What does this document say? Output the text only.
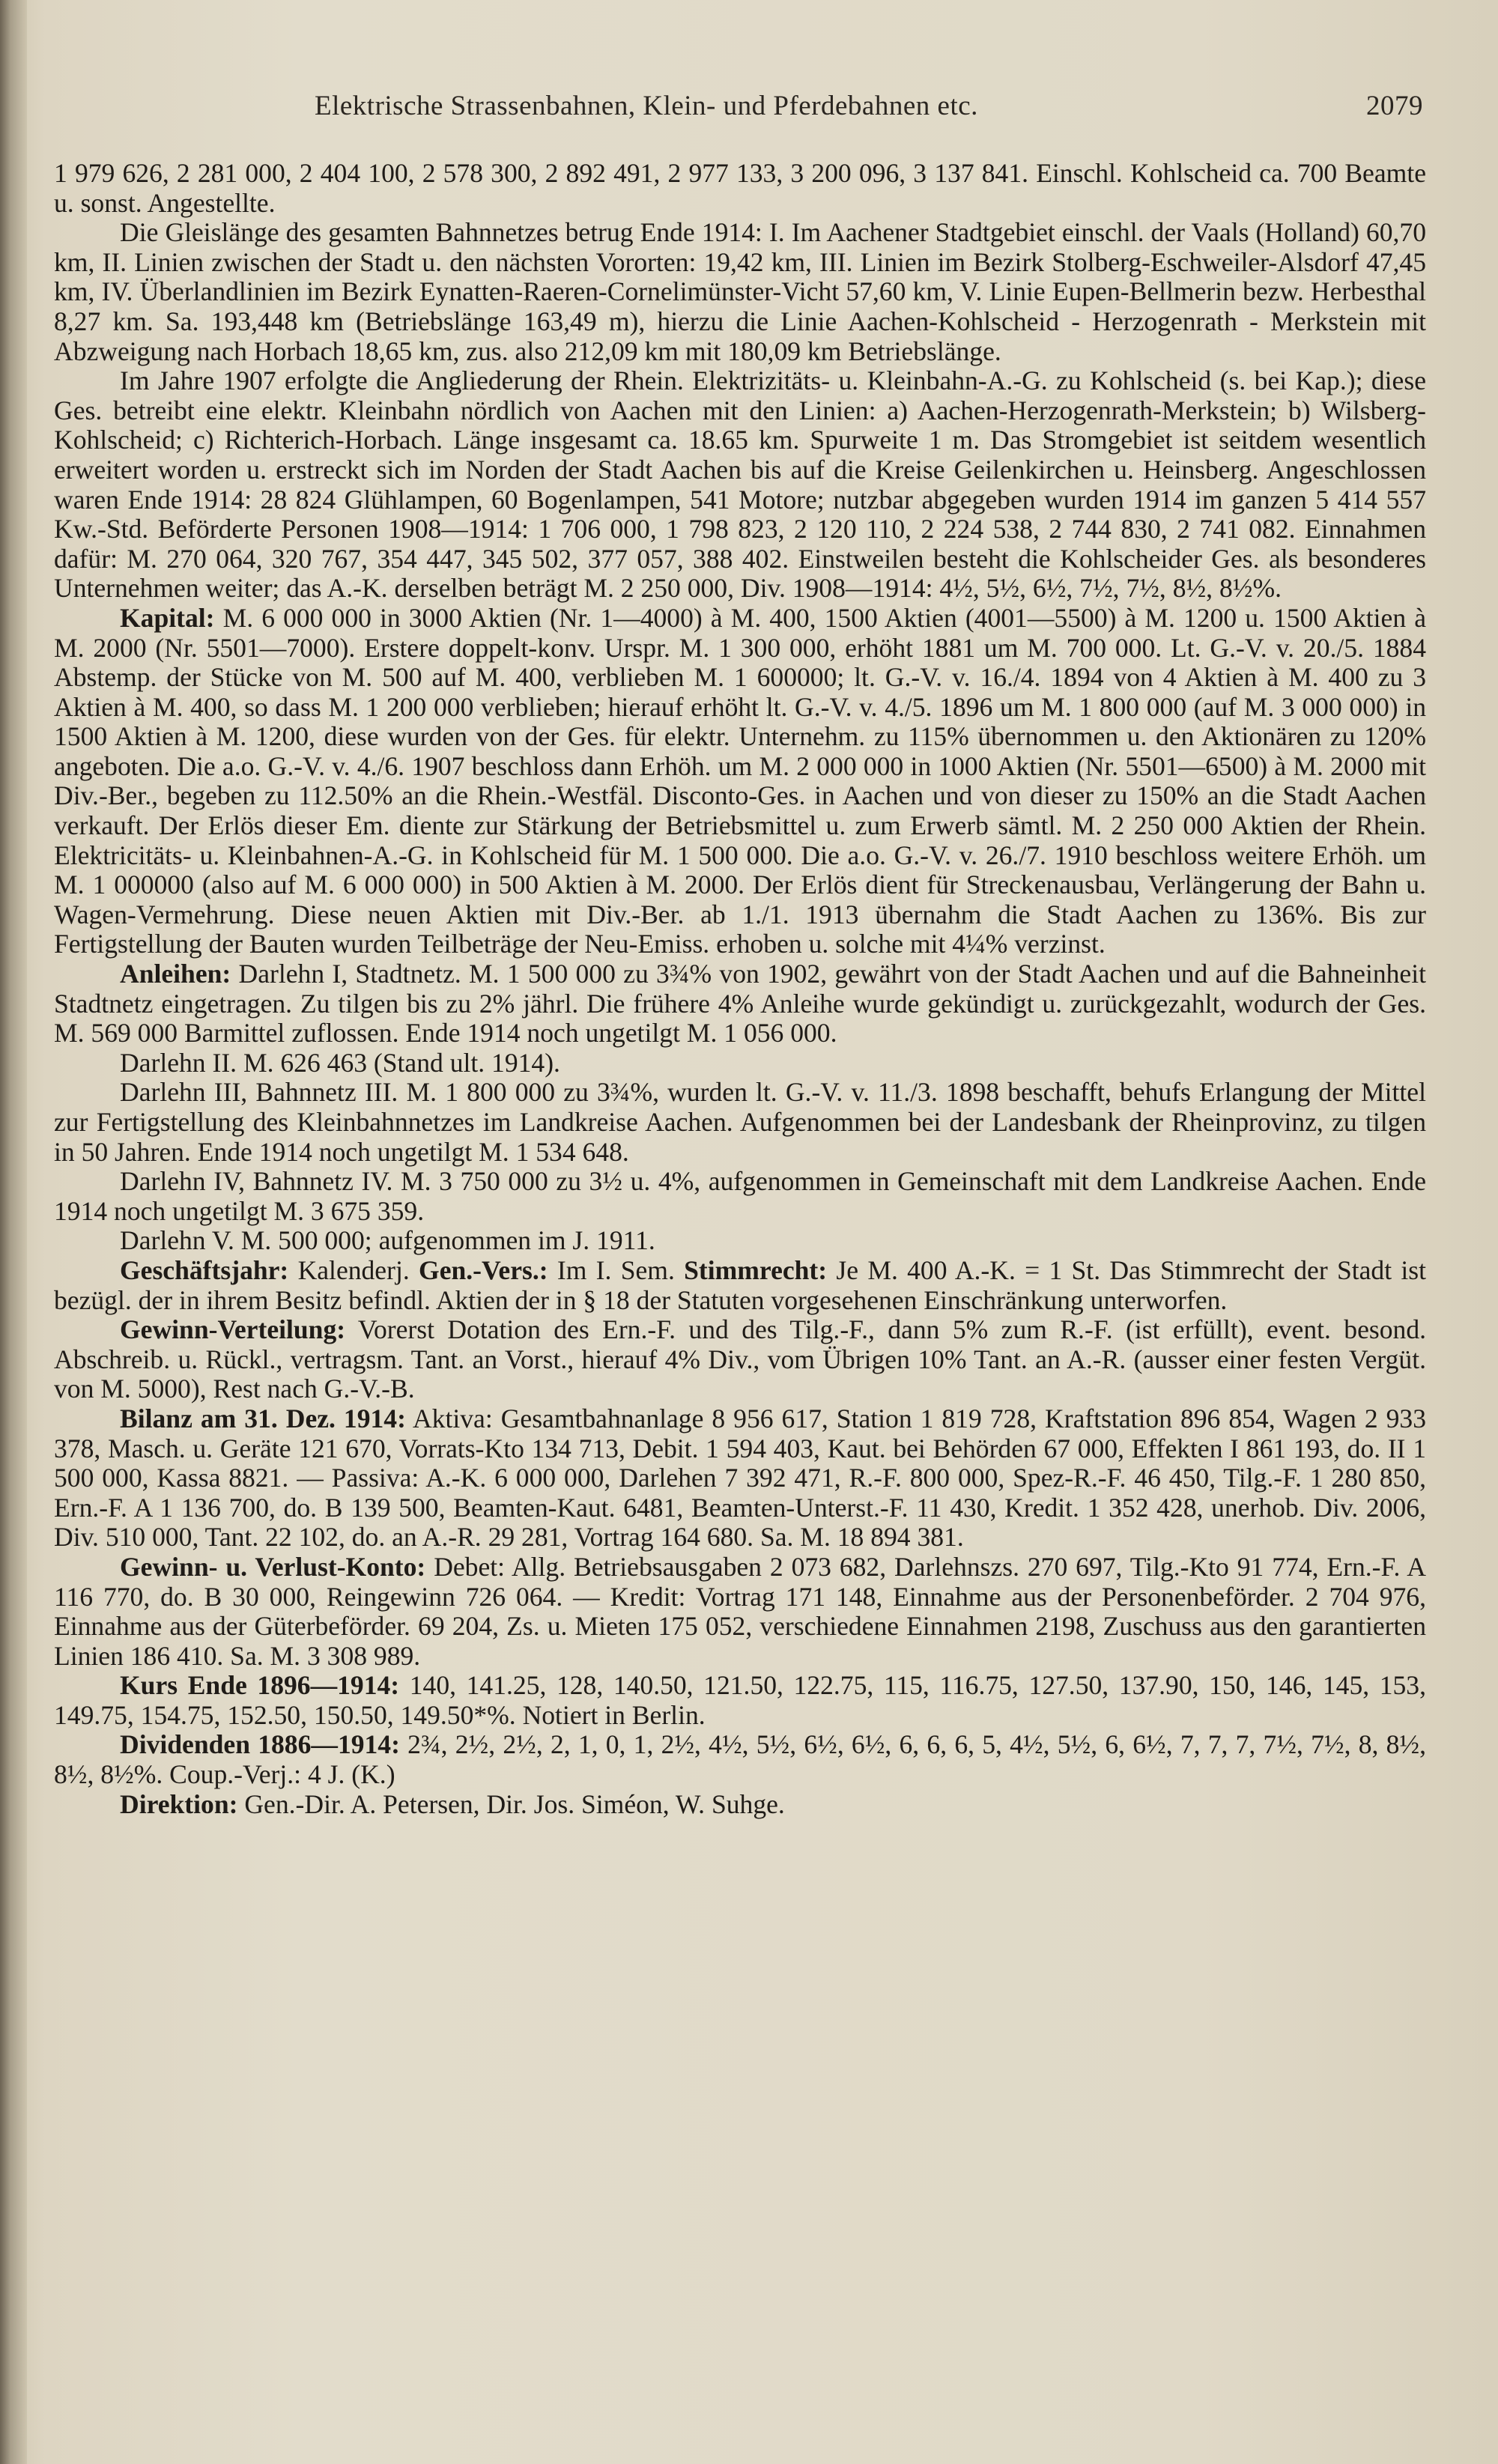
Elektrische Strassenbahnen, Klein- und Pferdebahnen etc.	2079

1 979 626, 2 281 000, 2 404 100, 2 578 300, 2 892 491, 2 977 133, 3 200 096, 3 137 841. Einschl. Kohlscheid ca. 700 Beamte u. sonst. Angestellte.

Die Gleislänge des gesamten Bahnnetzes betrug Ende 1914: I. Im Aachener Stadtgebiet einschl. der Vaals (Holland) 60,70 km, II. Linien zwischen der Stadt u. den nächsten Vororten: 19,42 km, III. Linien im Bezirk Stolberg-Eschweiler-Alsdorf 47,45 km, IV. Überlandlinien im Bezirk Eynatten-Raeren-Cornelimünster-Vicht 57,60 km, V. Linie Eupen-Bellmerin bezw. Herbesthal 8,27 km. Sa. 193,448 km (Betriebslänge 163,49 m), hierzu die Linie Aachen-Kohlscheid - Herzogenrath - Merkstein mit Abzweigung nach Horbach 18,65 km, zus. also 212,09 km mit 180,09 km Betriebslänge.

Im Jahre 1907 erfolgte die Angliederung der Rhein. Elektrizitäts- u. Kleinbahn-A.-G. zu Kohlscheid (s. bei Kap.); diese Ges. betreibt eine elektr. Kleinbahn nördlich von Aachen mit den Linien: a) Aachen-Herzogenrath-Merkstein; b) Wilsberg-Kohlscheid; c) Richterich-Horbach. Länge insgesamt ca. 18.65 km. Spurweite 1 m. Das Stromgebiet ist seitdem wesentlich erweitert worden u. erstreckt sich im Norden der Stadt Aachen bis auf die Kreise Geilenkirchen u. Heinsberg. Angeschlossen waren Ende 1914: 28 824 Glühlampen, 60 Bogenlampen, 541 Motore; nutzbar abgegeben wurden 1914 im ganzen 5 414 557 Kw.-Std. Beförderte Personen 1908—1914: 1 706 000, 1 798 823, 2 120 110, 2 224 538, 2 744 830, 2 741 082. Einnahmen dafür: M. 270 064, 320 767, 354 447, 345 502, 377 057, 388 402. Einstweilen besteht die Kohlscheider Ges. als besonderes Unternehmen weiter; das A.-K. derselben beträgt M. 2 250 000, Div. 1908—1914: 4½, 5½, 6½, 7½, 7½, 8½, 8½%.

Kapital: M. 6 000 000 in 3000 Aktien (Nr. 1—4000) à M. 400, 1500 Aktien (4001—5500) à M. 1200 u. 1500 Aktien à M. 2000 (Nr. 5501—7000). Erstere doppelt-konv. Urspr. M. 1 300 000, erhöht 1881 um M. 700 000. Lt. G.-V. v. 20./5. 1884 Abstemp. der Stücke von M. 500 auf M. 400, verblieben M. 1 600000; lt. G.-V. v. 16./4. 1894 von 4 Aktien à M. 400 zu 3 Aktien à M. 400, so dass M. 1 200 000 verblieben; hierauf erhöht lt. G.-V. v. 4./5. 1896 um M. 1 800 000 (auf M. 3 000 000) in 1500 Aktien à M. 1200, diese wurden von der Ges. für elektr. Unternehm. zu 115% übernommen u. den Aktionären zu 120% angeboten. Die a.o. G.-V. v. 4./6. 1907 beschloss dann Erhöh. um M. 2 000 000 in 1000 Aktien (Nr. 5501—6500) à M. 2000 mit Div.-Ber., begeben zu 112.50% an die Rhein.-Westfäl. Disconto-Ges. in Aachen und von dieser zu 150% an die Stadt Aachen verkauft. Der Erlös dieser Em. diente zur Stärkung der Betriebsmittel u. zum Erwerb sämtl. M. 2 250 000 Aktien der Rhein. Elektricitäts- u. Kleinbahnen-A.-G. in Kohlscheid für M. 1 500 000. Die a.o. G.-V. v. 26./7. 1910 beschloss weitere Erhöh. um M. 1 000000 (also auf M. 6 000 000) in 500 Aktien à M. 2000. Der Erlös dient für Streckenausbau, Verlängerung der Bahn u. Wagen-Vermehrung. Diese neuen Aktien mit Div.-Ber. ab 1./1. 1913 übernahm die Stadt Aachen zu 136%. Bis zur Fertigstellung der Bauten wurden Teilbeträge der Neu-Emiss. erhoben u. solche mit 4¼% verzinst.

Anleihen: Darlehn I, Stadtnetz. M. 1 500 000 zu 3¾% von 1902, gewährt von der Stadt Aachen und auf die Bahneinheit Stadtnetz eingetragen. Zu tilgen bis zu 2% jährl. Die frühere 4% Anleihe wurde gekündigt u. zurückgezahlt, wodurch der Ges. M. 569 000 Barmittel zuflossen. Ende 1914 noch ungetilgt M. 1 056 000.

Darlehn II. M. 626 463 (Stand ult. 1914).

Darlehn III, Bahnnetz III. M. 1 800 000 zu 3¾%, wurden lt. G.-V. v. 11./3. 1898 beschafft, behufs Erlangung der Mittel zur Fertigstellung des Kleinbahnnetzes im Landkreise Aachen. Aufgenommen bei der Landesbank der Rheinprovinz, zu tilgen in 50 Jahren. Ende 1914 noch ungetilgt M. 1 534 648.

Darlehn IV, Bahnnetz IV. M. 3 750 000 zu 3½ u. 4%, aufgenommen in Gemeinschaft mit dem Landkreise Aachen. Ende 1914 noch ungetilgt M. 3 675 359.

Darlehn V. M. 500 000; aufgenommen im J. 1911.

Geschäftsjahr: Kalenderj. Gen.-Vers.: Im I. Sem. Stimmrecht: Je M. 400 A.-K. = 1 St. Das Stimmrecht der Stadt ist bezügl. der in ihrem Besitz befindl. Aktien der in § 18 der Statuten vorgesehenen Einschränkung unterworfen.

Gewinn-Verteilung: Vorerst Dotation des Ern.-F. und des Tilg.-F., dann 5% zum R.-F. (ist erfüllt), event. besond. Abschreib. u. Rückl., vertragsm. Tant. an Vorst., hierauf 4% Div., vom Übrigen 10% Tant. an A.-R. (ausser einer festen Vergüt. von M. 5000), Rest nach G.-V.-B.

Bilanz am 31. Dez. 1914: Aktiva: Gesamtbahnanlage 8 956 617, Station 1 819 728, Kraftstation 896 854, Wagen 2 933 378, Masch. u. Geräte 121 670, Vorrats-Kto 134 713, Debit. 1 594 403, Kaut. bei Behörden 67 000, Effekten I 861 193, do. II 1 500 000, Kassa 8821. — Passiva: A.-K. 6 000 000, Darlehen 7 392 471, R.-F. 800 000, Spez-R.-F. 46 450, Tilg.-F. 1 280 850, Ern.-F. A 1 136 700, do. B 139 500, Beamten-Kaut. 6481, Beamten-Unterst.-F. 11 430, Kredit. 1 352 428, unerhob. Div. 2006, Div. 510 000, Tant. 22 102, do. an A.-R. 29 281, Vortrag 164 680. Sa. M. 18 894 381.

Gewinn- u. Verlust-Konto: Debet: Allg. Betriebsausgaben 2 073 682, Darlehnszs. 270 697, Tilg.-Kto 91 774, Ern.-F. A 116 770, do. B 30 000, Reingewinn 726 064. — Kredit: Vortrag 171 148, Einnahme aus der Personenbeförder. 2 704 976, Einnahme aus der Güterbeförder. 69 204, Zs. u. Mieten 175 052, verschiedene Einnahmen 2198, Zuschuss aus den garantierten Linien 186 410. Sa. M. 3 308 989.

Kurs Ende 1896—1914: 140, 141.25, 128, 140.50, 121.50, 122.75, 115, 116.75, 127.50, 137.90, 150, 146, 145, 153, 149.75, 154.75, 152.50, 150.50, 149.50*%. Notiert in Berlin.

Dividenden 1886—1914: 2¾, 2½, 2½, 2, 1, 0, 1, 2½, 4½, 5½, 6½, 6½, 6, 6, 6, 5, 4½, 5½, 6, 6½, 7, 7, 7, 7½, 7½, 8, 8½, 8½, 8½%. Coup.-Verj.: 4 J. (K.)

Direktion: Gen.-Dir. A. Petersen, Dir. Jos. Siméon, W. Suhge.
